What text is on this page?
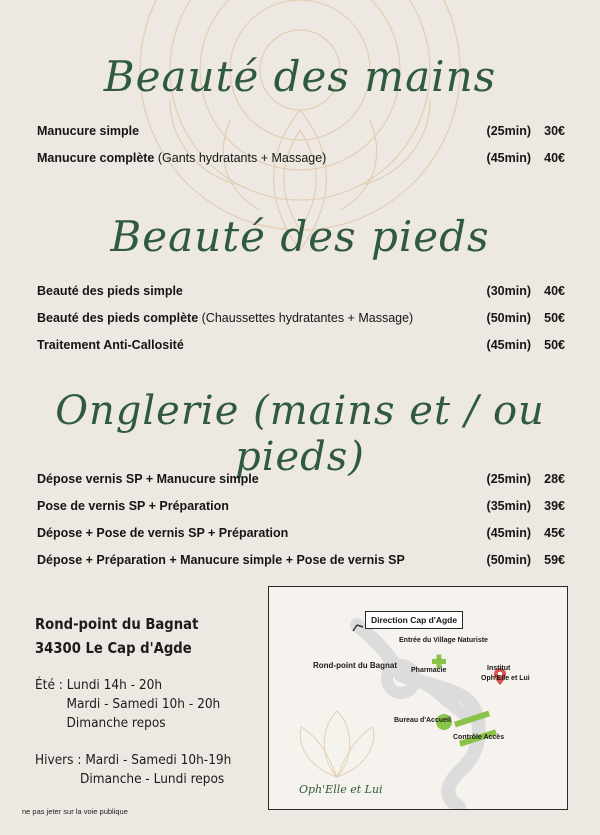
Beauté des mains
Manucure simple	(25min) 30€
Manucure complète (Gants hydratants + Massage)	(45min) 40€
Beauté des pieds
Beauté des pieds simple	(30min) 40€
Beauté des pieds complète (Chaussettes hydratantes + Massage)	(50min) 50€
Traitement Anti-Callosité	(45min) 50€
Onglerie (mains et / ou pieds)
Dépose vernis SP + Manucure simple	(25min) 28€
Pose de vernis SP + Préparation	(35min) 39€
Dépose + Pose de vernis SP + Préparation	(45min) 45€
Dépose + Préparation + Manucure simple + Pose de vernis SP	(50min) 59€
Rond-point du Bagnat
34300 Le Cap d'Agde
Été : Lundi 14h - 20h
Mardi - Samedi 10h - 20h
Dimanche repos
Hivers : Mardi - Samedi 10h-19h
Dimanche - Lundi repos
ne pas jeter sur la voie publique
Direction Cap d'Agde
Entrée du Village Naturiste
Rond-point du Bagnat
Pharmacie	Institut
Oph'Elle et Lui
Bureau d'Accueil
Contrôle Accès
Oph'Elle et Lui
